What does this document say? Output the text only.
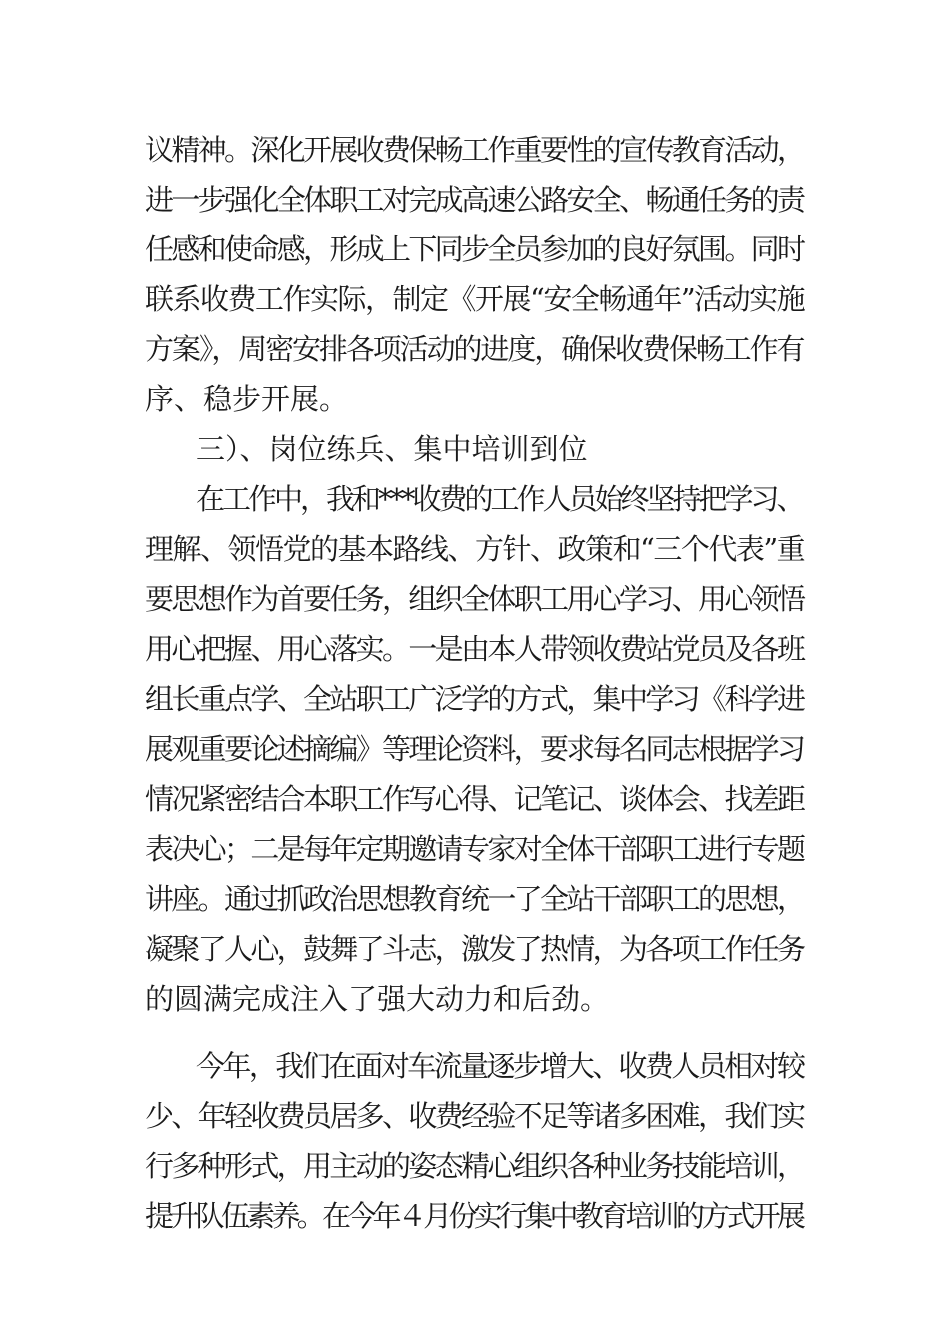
议精神。深化开展收费保畅工作重要性的宣传教育活动，
进一步强化全体职工对完成高速公路安全、畅通任务的责
任感和使命感，形成上下同步全员参加的良好氛围。同时
联系收费工作实际，制定《开展“安全畅通年”活动实施
方案》，周密安排各项活动的进度，确保收费保畅工作有
序、稳步开展。
三）、岗位练兵、集中培训到位
在工作中，我和***收费的工作人员始终坚持把学习、
理解、领悟党的基本路线、方针、政策和“三个代表”重
要思想作为首要任务，组织全体职工用心学习、用心领悟
用心把握、用心落实。一是由本人带领收费站党员及各班
组长重点学、全站职工广泛学的方式，集中学习《科学进
展观重要论述摘编》等理论资料，要求每名同志根据学习
情况紧密结合本职工作写心得、记笔记、谈体会、找差距
表决心；二是每年定期邀请专家对全体干部职工进行专题
讲座。通过抓政治思想教育统一了全站干部职工的思想，
凝聚了人心，鼓舞了斗志，激发了热情，为各项工作任务
的圆满完成注入了强大动力和后劲。
今年，我们在面对车流量逐步增大、收费人员相对较
少、年轻收费员居多、收费经验不足等诸多困难，我们实
行多种形式，用主动的姿态精心组织各种业务技能培训，
提升队伍素养。在今年４月份实行集中教育培训的方式开展
